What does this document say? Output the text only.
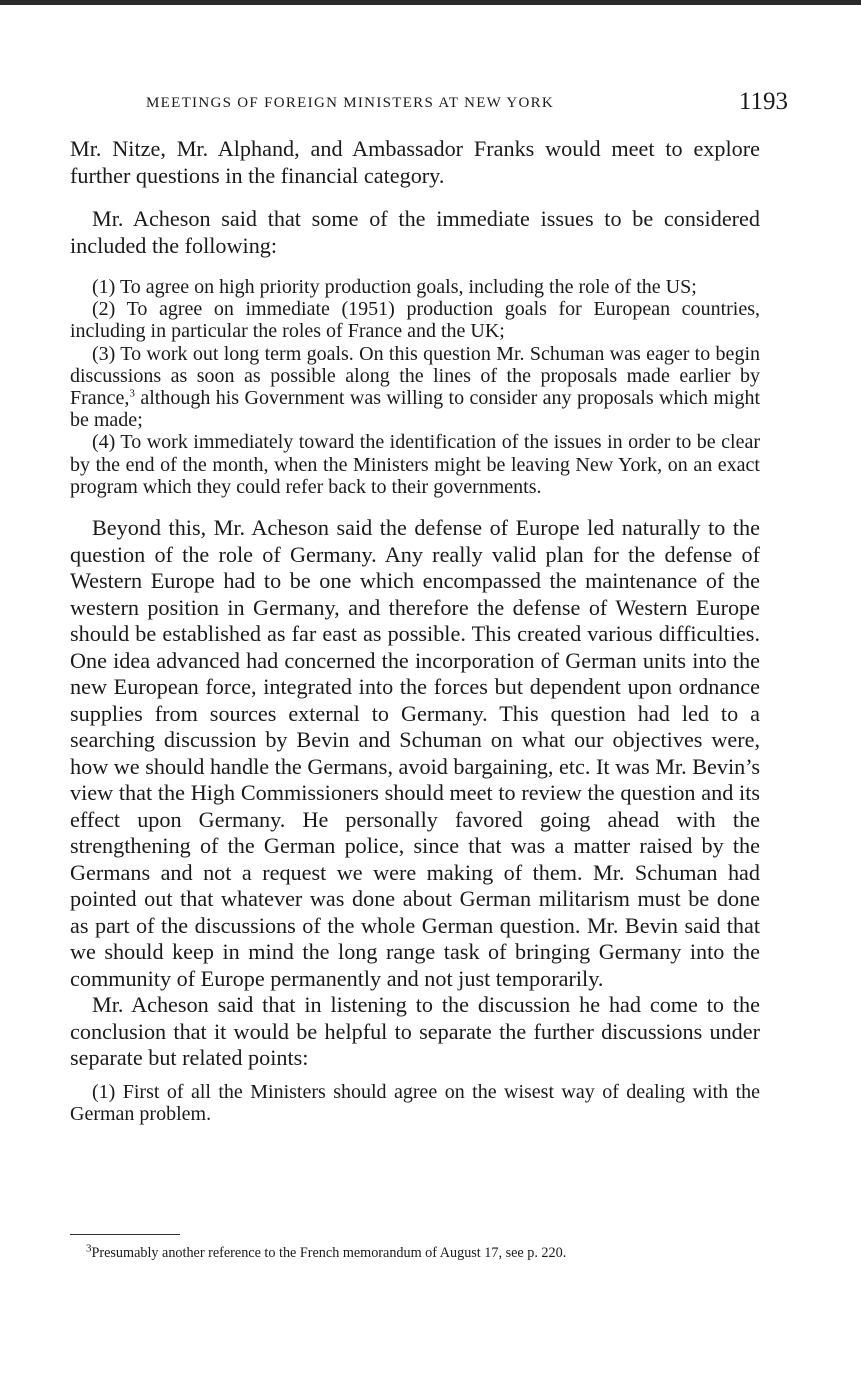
MEETINGS OF FOREIGN MINISTERS AT NEW YORK	1193

Mr. Nitze, Mr. Alphand, and Ambassador Franks would meet to explore further questions in the financial category.

Mr. Acheson said that some of the immediate issues to be considered included the following:

(1) To agree on high priority production goals, including the role of the US;

(2) To agree on immediate (1951) production goals for European countries, including in particular the roles of France and the UK;

(3) To work out long term goals. On this question Mr. Schuman was eager to begin discussions as soon as possible along the lines of the proposals made earlier by France,$^3$ although his Government was willing to consider any proposals which might be made;

(4) To work immediately toward the identification of the issues in order to be clear by the end of the month, when the Ministers might be leaving New York, on an exact program which they could refer back to their governments.

Beyond this, Mr. Acheson said the defense of Europe led naturally to the question of the role of Germany. Any really valid plan for the defense of Western Europe had to be one which encompassed the maintenance of the western position in Germany, and therefore the defense of Western Europe should be established as far east as possible. This created various difficulties. One idea advanced had concerned the incorporation of German units into the new European force, integrated into the forces but dependent upon ordnance supplies from sources external to Germany. This question had led to a searching discussion by Bevin and Schuman on what our objectives were, how we should handle the Germans, avoid bargaining, etc. It was Mr. Bevin’s view that the High Commissioners should meet to review the question and its effect upon Germany. He personally favored going ahead with the strengthening of the German police, since that was a matter raised by the Germans and not a request we were making of them. Mr. Schuman had pointed out that whatever was done about German militarism must be done as part of the discussions of the whole German question. Mr. Bevin said that we should keep in mind the long range task of bringing Germany into the community of Europe permanently and not just temporarily.

Mr. Acheson said that in listening to the discussion he had come to the conclusion that it would be helpful to separate the further discussions under separate but related points:

(1) First of all the Ministers should agree on the wisest way of dealing with the German problem.

$^3$Presumably another reference to the French memorandum of August 17, see p. 220.
